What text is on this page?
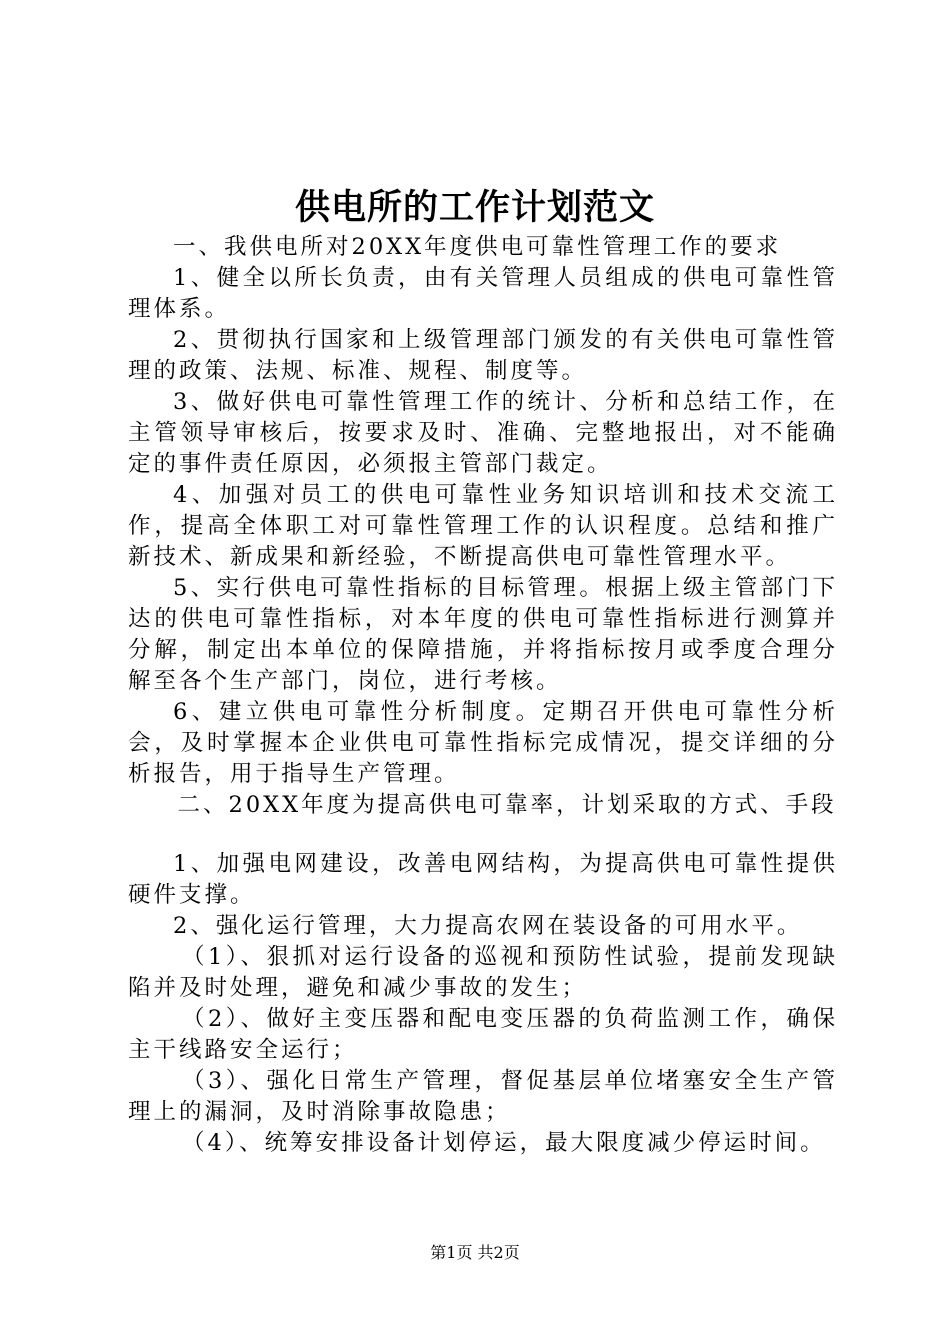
供电所的工作计划范文

一、我供电所对20XX年度供电可靠性管理工作的要求

1、健全以所长负责，由有关管理人员组成的供电可靠性管理体系。

2、贯彻执行国家和上级管理部门颁发的有关供电可靠性管理的政策、法规、标准、规程、制度等。

3、做好供电可靠性管理工作的统计、分析和总结工作，在主管领导审核后，按要求及时、准确、完整地报出，对不能确定的事件责任原因，必须报主管部门裁定。

4、加强对员工的供电可靠性业务知识培训和技术交流工作，提高全体职工对可靠性管理工作的认识程度。总结和推广新技术、新成果和新经验，不断提高供电可靠性管理水平。

5、实行供电可靠性指标的目标管理。根据上级主管部门下达的供电可靠性指标，对本年度的供电可靠性指标进行测算并分解，制定出本单位的保障措施，并将指标按月或季度合理分解至各个生产部门，岗位，进行考核。

6、建立供电可靠性分析制度。定期召开供电可靠性分析会，及时掌握本企业供电可靠性指标完成情况，提交详细的分析报告，用于指导生产管理。

二、20XX年度为提高供电可靠率，计划采取的方式、手段

1、加强电网建设，改善电网结构，为提高供电可靠性提供硬件支撑。

2、强化运行管理，大力提高农网在装设备的可用水平。

（1）、狠抓对运行设备的巡视和预防性试验，提前发现缺陷并及时处理，避免和减少事故的发生；

（2）、做好主变压器和配电变压器的负荷监测工作，确保主干线路安全运行；

（3）、强化日常生产管理，督促基层单位堵塞安全生产管理上的漏洞，及时消除事故隐患；

（4）、统筹安排设备计划停运，最大限度减少停运时间。

第1页 共2页
